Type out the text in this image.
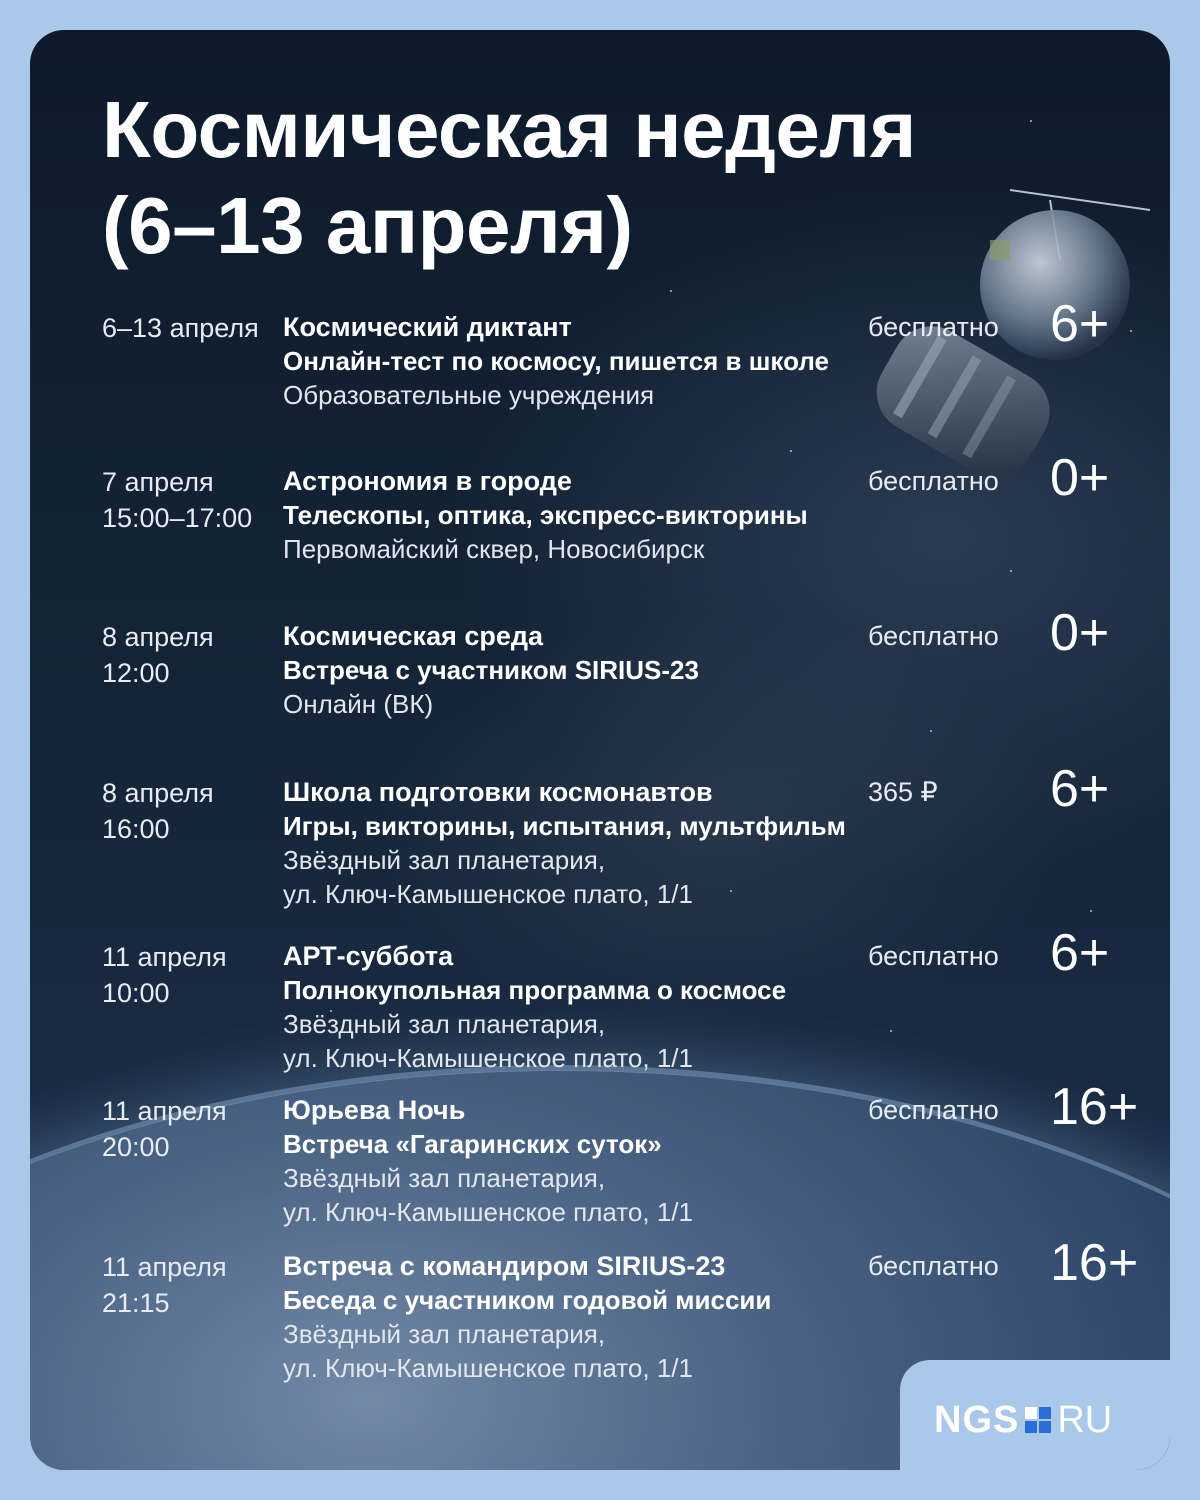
Космическая неделя
(6–13 апреля)
6–13 апреля Космический диктант
Онлайн-тест по космосу, пишется в школе
Образовательные учреждения
бесплатно 6+
7 апреля
15:00–17:00
Астрономия в городе
Телескопы, оптика, экспресс-викторины
Первомайский сквер, Новосибирск
бесплатно 0+
8 апреля
12:00
Космическая среда
Встреча с участником SIRIUS-23
Онлайн (ВК)
бесплатно 0+
8 апреля
16:00
Школа подготовки космонавтов
Игры, викторины, испытания, мультфильм
Звёздный зал планетария,
ул. Ключ-Камышенское плато, 1/1
365 ₽ 6+
11 апреля
10:00
АРТ-суббота
Полнокупольная программа о космосе
Звёздный зал планетария,
ул. Ключ-Камышенское плато, 1/1
бесплатно 6+
11 апреля
20:00
Юрьева Ночь
Встреча «Гагаринских суток»
Звёздный зал планетария,
ул. Ключ-Камышенское плато, 1/1
бесплатно 16+
11 апреля
21:15
Встреча с командиром SIRIUS-23
Беседа с участником годовой миссии
Звёздный зал планетария,
ул. Ключ-Камышенское плато, 1/1
бесплатно 16+
NGS RU
